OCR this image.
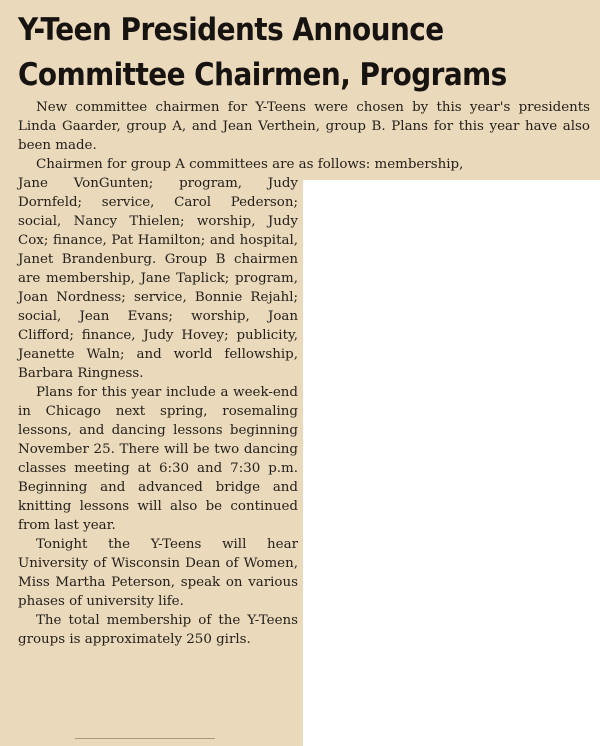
Y-Teen Presidents Announce
Committee Chairmen, Programs

New committee chairmen for Y-Teens were chosen by this year's presidents Linda Gaarder, group A, and Jean Verthein, group B. Plans for this year have also been made.

Chairmen for group A committees are as follows: membership,

Jane VonGunten; program, Judy Dornfeld; service, Carol Pederson; social, Nancy Thielen; worship, Judy Cox; finance, Pat Hamilton; and hospital, Janet Brandenburg. Group B chairmen are membership, Jane Taplick; program, Joan Nordness; service, Bonnie Rejahl; social, Jean Evans; worship, Joan Clifford; finance, Judy Hovey; publicity, Jeanette Waln; and world fellowship, Barbara Ringness.

Plans for this year include a week-end in Chicago next spring, rosemaling lessons, and dancing lessons beginning November 25. There will be two dancing classes meeting at 6:30 and 7:30 p.m. Beginning and advanced bridge and knitting lessons will also be continued from last year.

Tonight the Y-Teens will hear University of Wisconsin Dean of Women, Miss Martha Peterson, speak on various phases of university life.

The total membership of the Y-Teens groups is approximately 250 girls.
